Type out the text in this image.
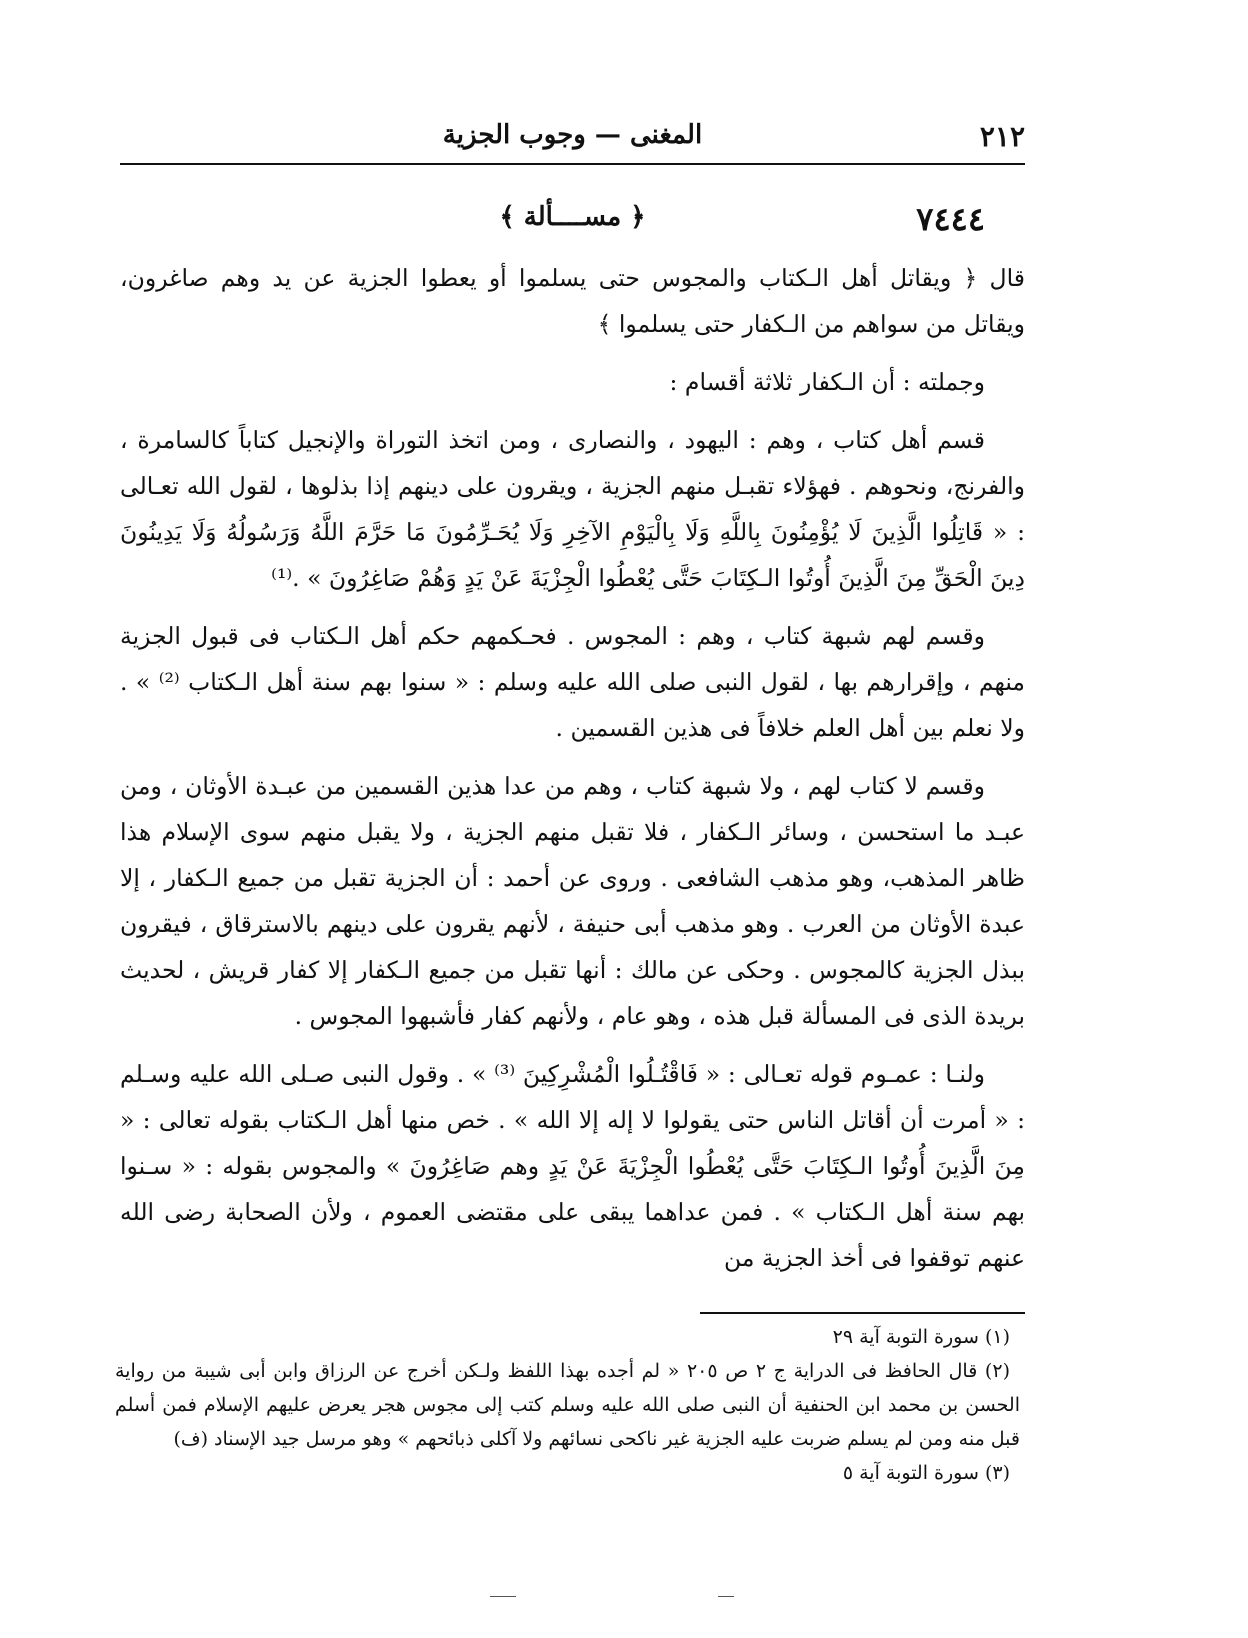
٢١٢
المغنى — وجوب الجزية
٧٤٤٤
﴿ مســــألة ﴾

قال ﴿ ويقاتل أهل الـكتاب والمجوس حتى يسلموا أو يعطوا الجزية عن يد وهم صاغرون، ويقاتل من سواهم من الـكفار حتى يسلموا ﴾

وجملته : أن الـكفار ثلاثة أقسام :

قسم أهل كتاب ، وهم : اليهود ، والنصارى ، ومن اتخذ التوراة والإنجيل كتاباً كالسامرة ، والفرنج، ونحوهم . فهؤلاء تقبـل منهم الجزية ، ويقرون على دينهم إذا بذلوها ، لقول الله تعـالى : « قَاتِلُوا الَّذِينَ لَا يُؤْمِنُونَ بِاللَّهِ وَلَا بِالْيَوْمِ الآخِرِ وَلَا يُحَـرِّمُونَ مَا حَرَّمَ اللَّهُ وَرَسُولُهُ وَلَا يَدِينُونَ دِينَ الْحَقِّ مِنَ الَّذِينَ أُوتُوا الـكِتَابَ حَتَّى يُعْطُوا الْجِزْيَةَ عَنْ يَدٍ وَهُمْ صَاغِرُونَ » .⁽¹⁾

وقسم لهم شبهة كتاب ، وهم : المجوس . فحـكمهم حكم أهل الـكتاب فى قبول الجزية منهم ، وإقرارهم بها ، لقول النبى صلى الله عليه وسلم : « سنوا بهم سنة أهل الـكتاب ⁽²⁾ » . ولا نعلم بين أهل العلم خلافاً فى هذين القسمين .

وقسم لا كتاب لهم ، ولا شبهة كتاب ، وهم من عدا هذين القسمين من عبـدة الأوثان ، ومن عبـد ما استحسن ، وسائر الـكفار ، فلا تقبل منهم الجزية ، ولا يقبل منهم سوى الإسلام هذا ظاهر المذهب، وهو مذهب الشافعى . وروى عن أحمد : أن الجزية تقبل من جميع الـكفار ، إلا عبدة الأوثان من العرب . وهو مذهب أبى حنيفة ، لأنهم يقرون على دينهم بالاسترقاق ، فيقرون ببذل الجزية كالمجوس . وحكى عن مالك : أنها تقبل من جميع الـكفار إلا كفار قريش ، لحديث بريدة الذى فى المسألة قبل هذه ، وهو عام ، ولأنهم كفار فأشبهوا المجوس .

ولنـا : عمـوم قوله تعـالى : « فَاقْتُـلُوا الْمُشْرِكِينَ ⁽³⁾ » . وقول النبى صـلى الله عليه وسـلم : « أمرت أن أقاتل الناس حتى يقولوا لا إله إلا الله » . خص منها أهل الـكتاب بقوله تعالى : « مِنَ الَّذِينَ أُوتُوا الـكِتَابَ حَتَّى يُعْطُوا الْجِزْيَةَ عَنْ يَدٍ وهم صَاغِرُونَ » والمجوس بقوله : « سـنوا بهم سنة أهل الـكتاب » . فمن عداهما يبقى على مقتضى العموم ، ولأن الصحابة رضى الله عنهم توقفوا فى أخذ الجزية من

(١) سورة التوبة آية ٢٩

(٢) قال الحافظ فى الدراية ج ٢ ص ٢٠٥ « لم أجده بهذا اللفظ ولـكن أخرج عن الرزاق وابن أبى شيبة من رواية الحسن بن محمد ابن الحنفية أن النبى صلى الله عليه وسلم كتب إلى مجوس هجر يعرض عليهم الإسلام فمن أسلم قبل منه ومن لم يسلم ضربت عليه الجزية غير ناكحى نسائهم ولا آكلى ذبائحهم » وهو مرسل جيد الإسناد (ف)

(٣) سورة التوبة آية ٥
